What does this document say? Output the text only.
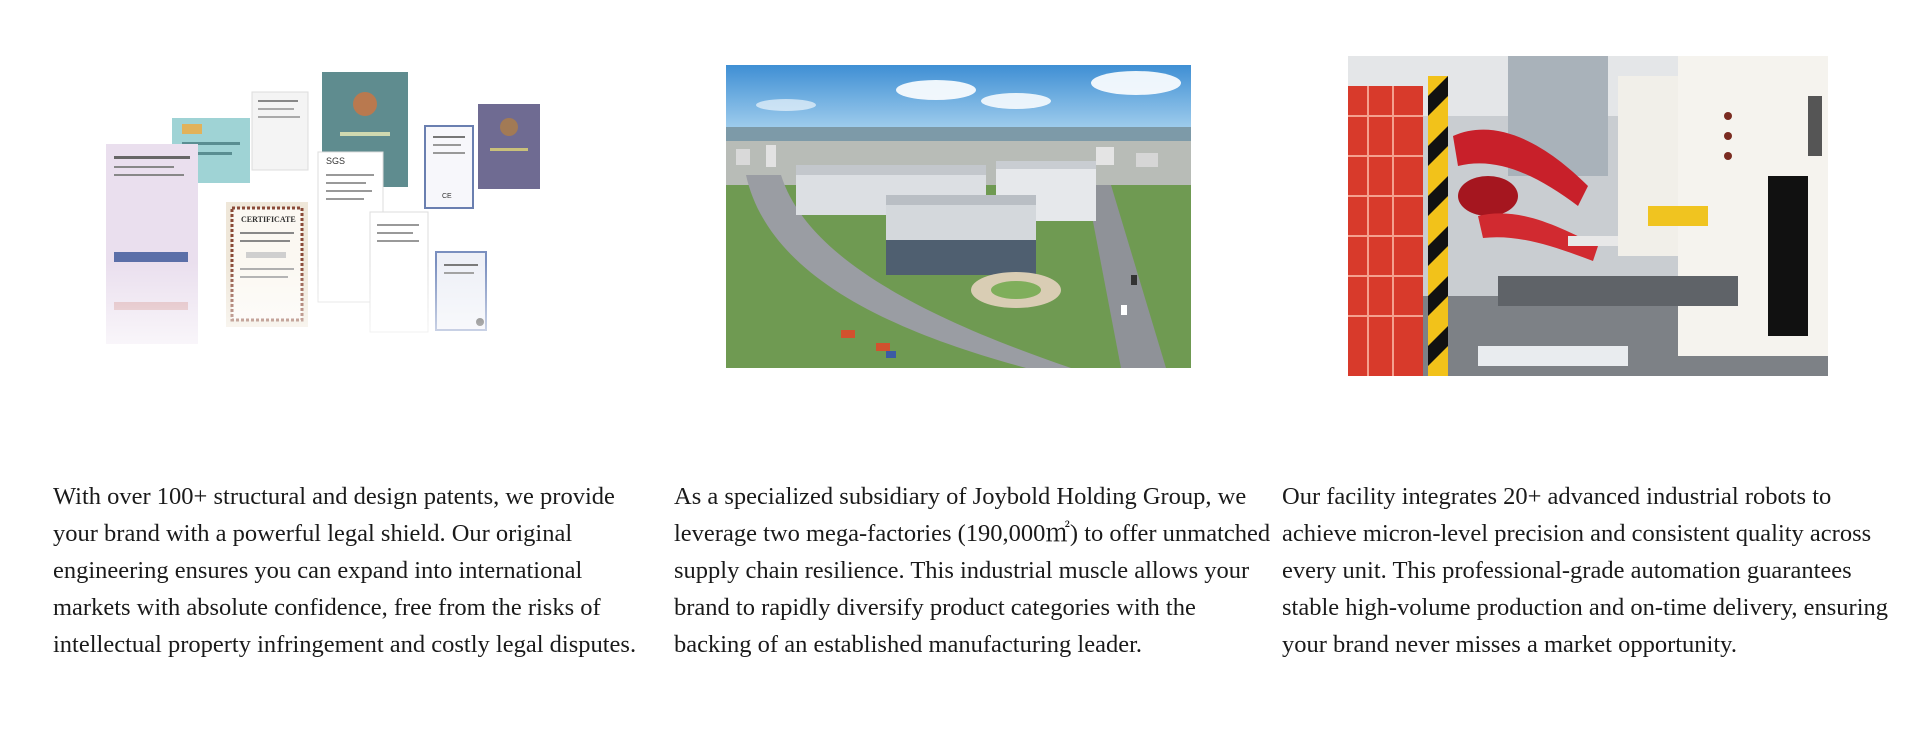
SGS
CE
CERTIFICATE

With over 100+ structural and design patents, we provide your brand with a powerful legal shield. Our original engineering ensures you can expand into international markets with absolute confidence, free from the risks of intellectual property infringement and costly legal disputes.

As a specialized subsidiary of Joybold Holding Group, we leverage two mega-factories (190,000㎡) to offer unmatched supply chain resilience. This industrial muscle allows your brand to rapidly diversify product categories with the backing of an established manufacturing leader.

Our facility integrates 20+ advanced industrial robots to achieve micron-level precision and consistent quality across every unit. This professional-grade automation guarantees stable high-volume production and on-time delivery, ensuring your brand never misses a market opportunity.
